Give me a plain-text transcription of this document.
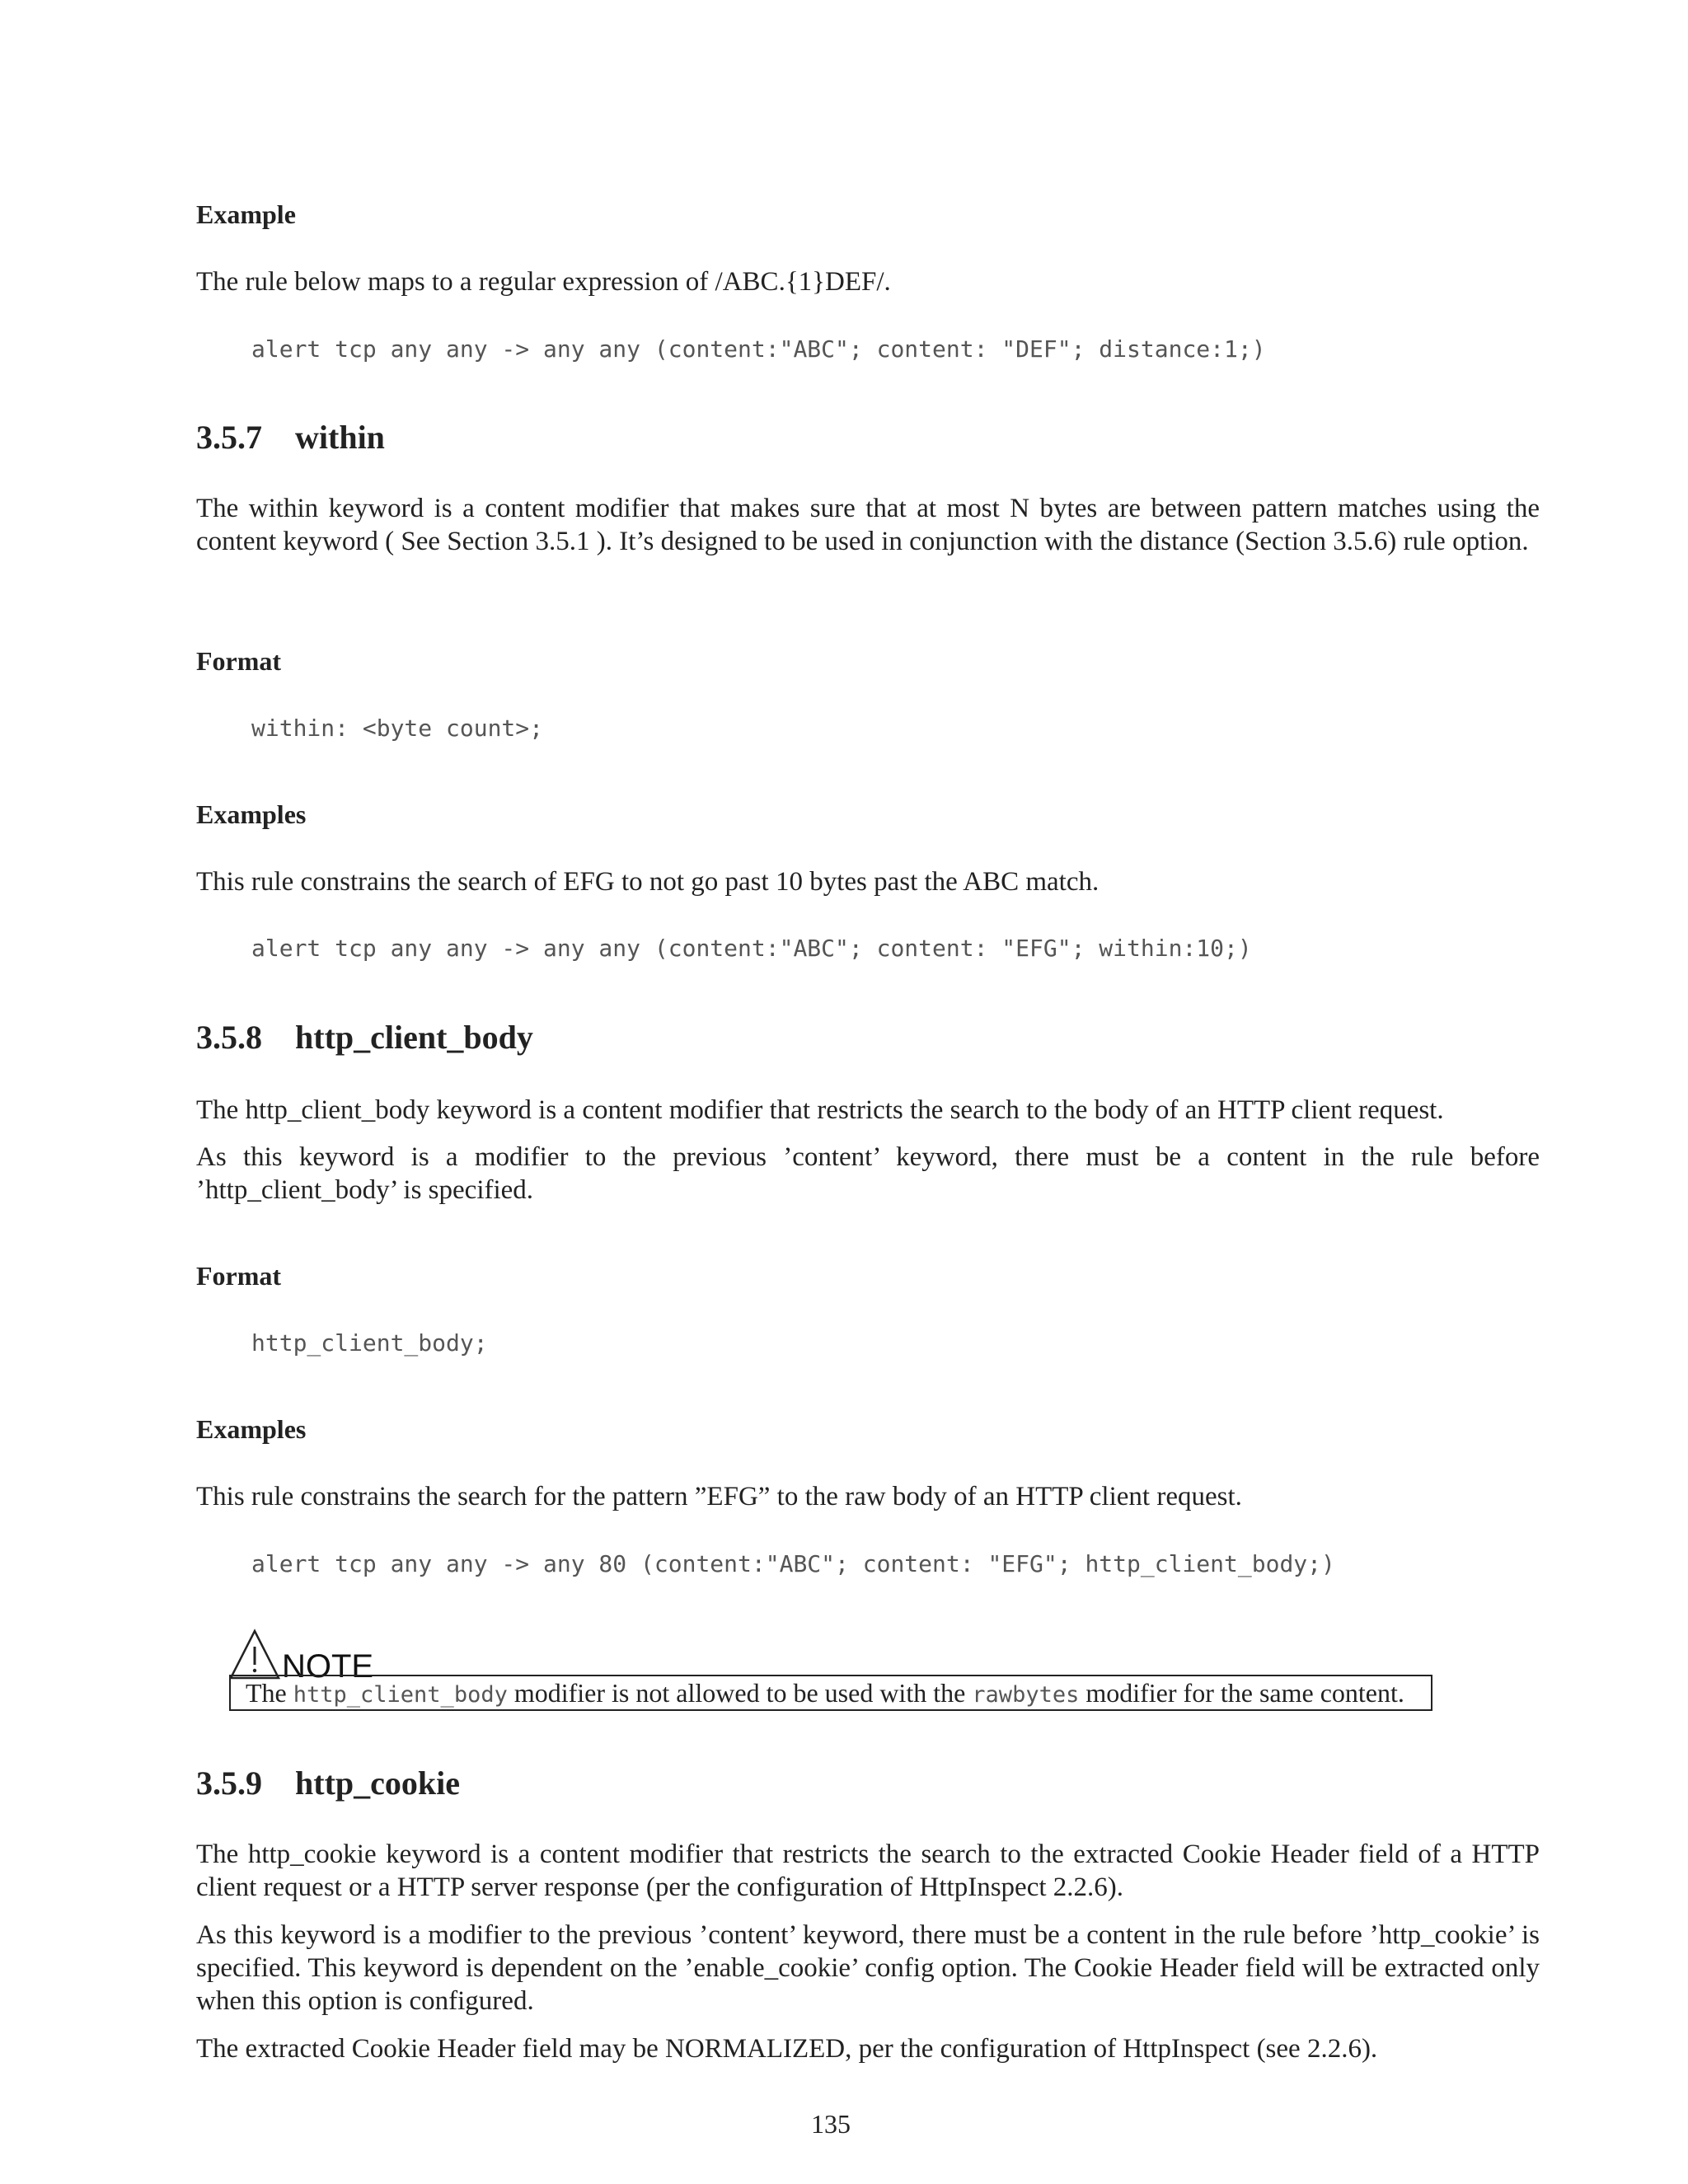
Example
The rule below maps to a regular expression of /ABC.{1}DEF/.
alert tcp any any -> any any (content:"ABC"; content: "DEF"; distance:1;)
3.5.7 within
The within keyword is a content modifier that makes sure that at most N bytes are between pattern matches using the content keyword ( See Section 3.5.1 ). It’s designed to be used in conjunction with the distance (Section 3.5.6) rule option.
Format
within: <byte count>;
Examples
This rule constrains the search of EFG to not go past 10 bytes past the ABC match.
alert tcp any any -> any any (content:"ABC"; content: "EFG"; within:10;)
3.5.8 http_client_body
The http_client_body keyword is a content modifier that restricts the search to the body of an HTTP client request.
As this keyword is a modifier to the previous ’content’ keyword, there must be a content in the rule before ’http_client_body’ is specified.
Format
http_client_body;
Examples
This rule constrains the search for the pattern ”EFG” to the raw body of an HTTP client request.
alert tcp any any -> any 80 (content:"ABC"; content: "EFG"; http_client_body;)
NOTE
The http_client_body modifier is not allowed to be used with the rawbytes modifier for the same content.
3.5.9 http_cookie
The http_cookie keyword is a content modifier that restricts the search to the extracted Cookie Header field of a HTTP client request or a HTTP server response (per the configuration of HttpInspect 2.2.6).
As this keyword is a modifier to the previous ’content’ keyword, there must be a content in the rule before ’http_cookie’ is specified. This keyword is dependent on the ’enable_cookie’ config option. The Cookie Header field will be extracted only when this option is configured.
The extracted Cookie Header field may be NORMALIZED, per the configuration of HttpInspect (see 2.2.6).
135
